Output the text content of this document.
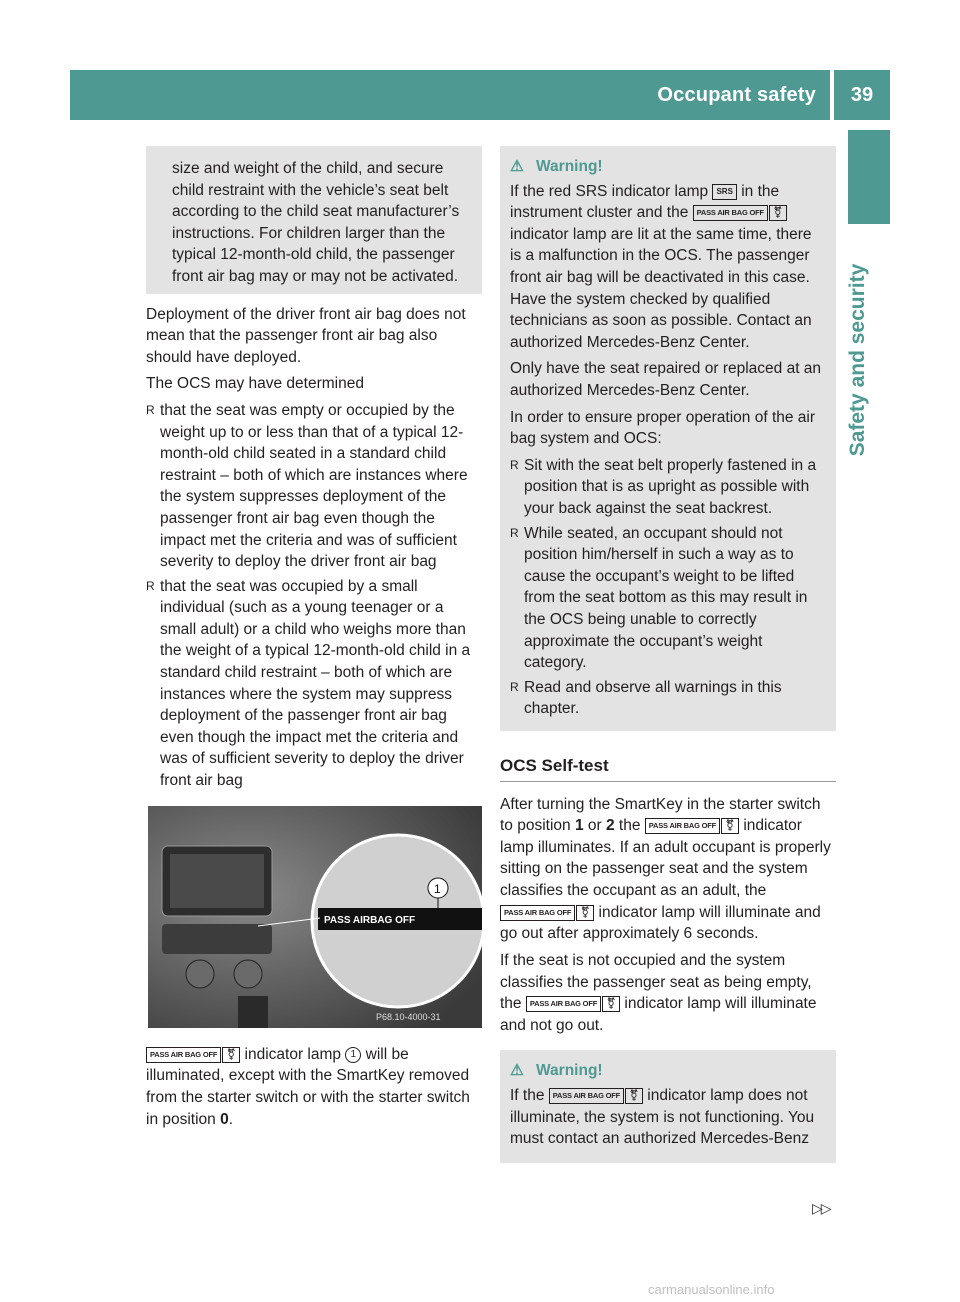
Occupant safety	39
Safety and security

size and weight of the child, and secure child restraint with the vehicle’s seat belt according to the child seat manufacturer’s instructions. For children larger than the typical 12-month-old child, the passenger front air bag may or may not be activated.

Deployment of the driver front air bag does not mean that the passenger front air bag also should have deployed.

The OCS may have determined

R that the seat was empty or occupied by the weight up to or less than that of a typical 12-month-old child seated in a standard child restraint – both of which are instances where the system suppresses deployment of the passenger front air bag even though the impact met the criteria and was of sufficient severity to deploy the driver front air bag
R that the seat was occupied by a small individual (such as a young teenager or a small adult) or a child who weighs more than the weight of a typical 12-month-old child in a standard child restraint – both of which are instances where the system may suppress deployment of the passenger front air bag even though the impact met the criteria and was of sufficient severity to deploy the driver front air bag
PASS AIRBAG OFF
1
P68.10-4000-31

PASS AIR BAG OFF ⚧ indicator lamp 1 will be illuminated, except with the SmartKey removed from the starter switch or with the starter switch in position 0.

⚠ Warning!

If the red SRS indicator lamp SRS in the instrument cluster and the PASS AIR BAG OFF ⚧ indicator lamp are lit at the same time, there is a malfunction in the OCS. The passenger front air bag will be deactivated in this case. Have the system checked by qualified technicians as soon as possible. Contact an authorized Mercedes-Benz Center.

Only have the seat repaired or replaced at an authorized Mercedes-Benz Center.

In order to ensure proper operation of the air bag system and OCS:

R Sit with the seat belt properly fastened in a position that is as upright as possible with your back against the seat backrest.
R While seated, an occupant should not position him/herself in such a way as to cause the occupant’s weight to be lifted from the seat bottom as this may result in the OCS being unable to correctly approximate the occupant’s weight category.
R Read and observe all warnings in this chapter.
OCS Self-test

After turning the SmartKey in the starter switch to position 1 or 2 the PASS AIR BAG OFF ⚧ indicator lamp illuminates. If an adult occupant is properly sitting on the passenger seat and the system classifies the occupant as an adult, the PASS AIR BAG OFF ⚧ indicator lamp will illuminate and go out after approximately 6 seconds.

If the seat is not occupied and the system classifies the passenger seat as being empty, the PASS AIR BAG OFF ⚧ indicator lamp will illuminate and not go out.

⚠ Warning!

If the PASS AIR BAG OFF ⚧ indicator lamp does not illuminate, the system is not functioning. You must contact an authorized Mercedes-Benz

▷▷
carmanualsonline.info
